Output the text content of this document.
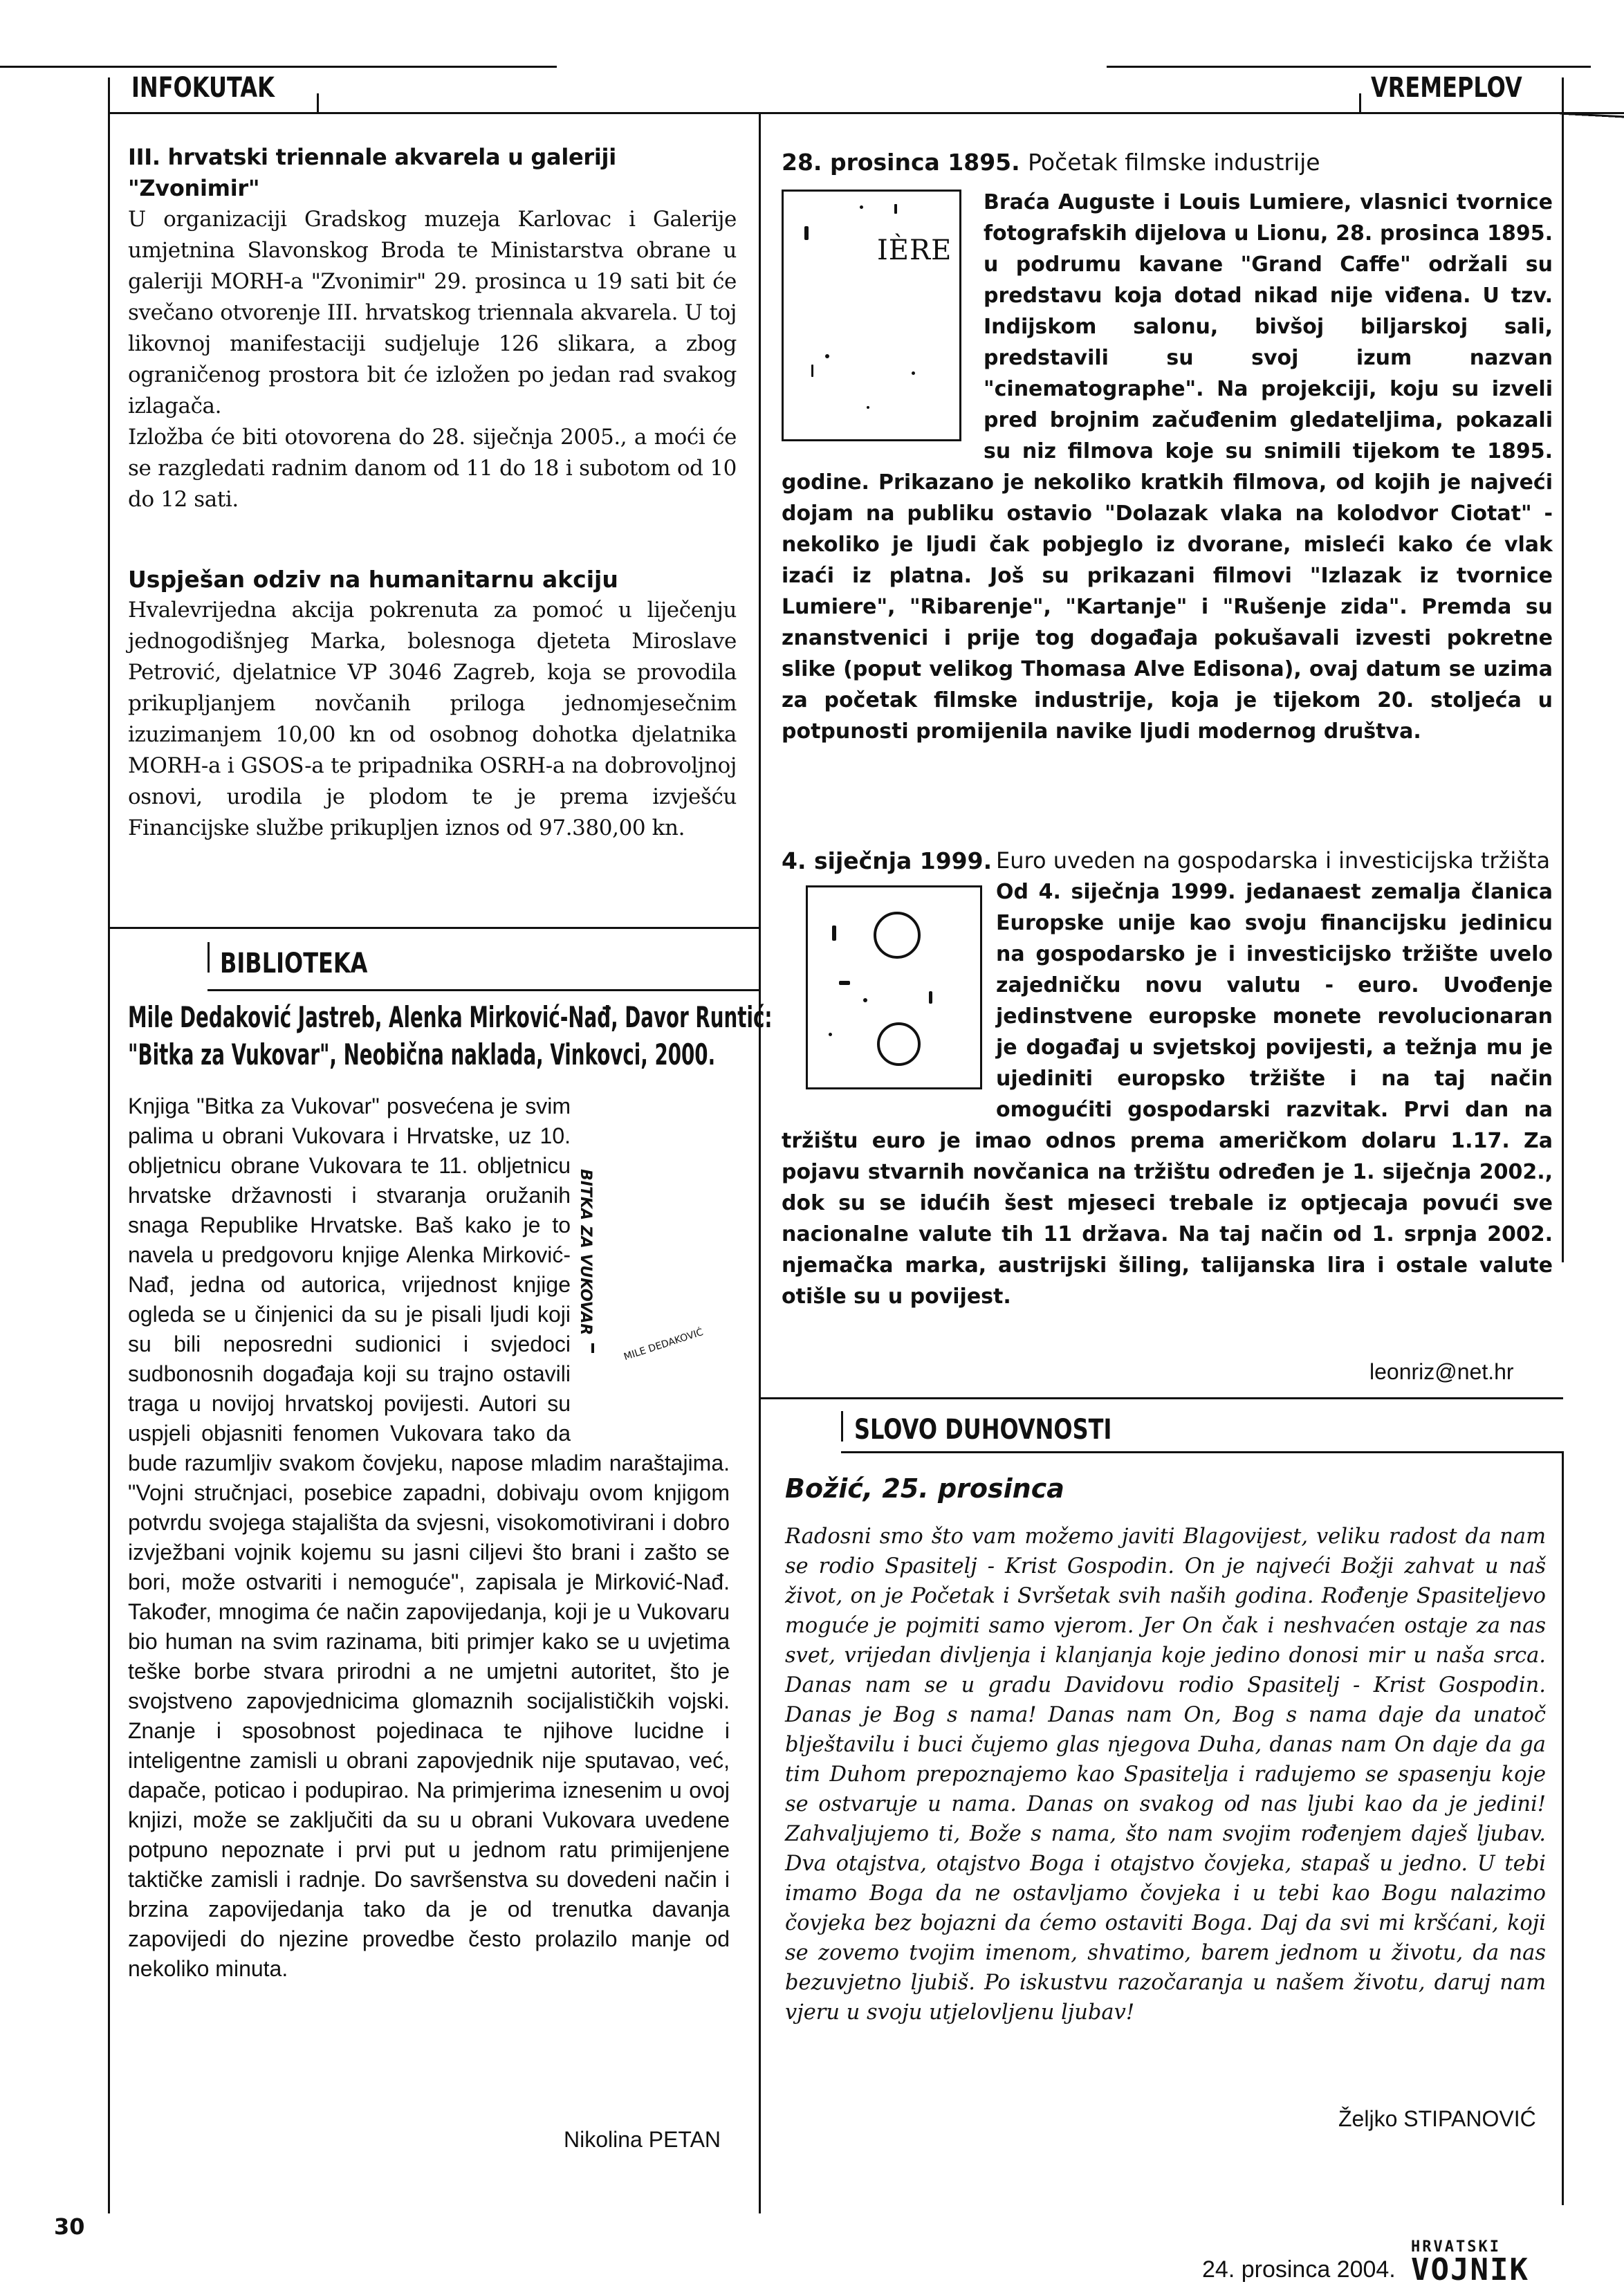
INFOKUTAK	VREMEPLOV

III. hrvatski triennale akvarela u galeriji "Zvonimir"

U organizaciji Gradskog muzeja Karlovac i Galerije umjetnina Slavonskog Broda te Ministarstva obrane u galeriji MORH-a "Zvonimir" 29. prosinca u 19 sati bit će svečano otvorenje III. hrvatskog triennala akvarela. U toj likovnoj manifestaciji sudjeluje 126 slikara, a zbog ograničenog prostora bit će izložen po jedan rad svakog izlagača.

Izložba će biti otovorena do 28. siječnja 2005., a moći će se razgledati radnim danom od 11 do 18 i subotom od 10 do 12 sati.

Uspješan odziv na humanitarnu akciju

Hvalevrijedna akcija pokrenuta za pomoć u liječenju jednogodišnjeg Marka, bolesnoga djeteta Miroslave Petrović, djelatnice VP 3046 Zagreb, koja se provodila prikupljanjem novčanih priloga jednomjesečnim izuzimanjem 10,00 kn od osobnog dohotka djelatnika MORH-a i GSOS-a te pripadnika OSRH-a na dobrovoljnoj osnovi, urodila je plodom te je prema izvješću Financijske službe prikupljen iznos od 97.380,00 kn.

BIBLIOTEKA
Mile Dedaković Jastreb, Alenka Mirković-Nađ, Davor Runtić:
"Bitka za Vukovar", Neobična naklada, Vinkovci, 2000.
BITKA ZA VUKOVAR
MILE DEDAKOVIĆ

Knjiga "Bitka za Vukovar" posvećena je svim palima u obrani Vukovara i Hrvatske, uz 10. obljetnicu obrane Vukovara te 11. obljetnicu hrvatske državnosti i stvaranja oružanih snaga Republike Hrvatske. Baš kako je to navela u predgovoru knjige Alenka Mirković-Nađ, jedna od autorica, vrijednost knjige ogleda se u činjenici da su je pisali ljudi koji su bili neposredni sudionici i svjedoci sudbonosnih događaja koji su trajno ostavili traga u novijoj hrvatskoj povijesti. Autori su uspjeli objasniti fenomen Vukovara tako da bude razumljiv svakom čovjeku, napose mladim naraštajima. "Vojni stručnjaci, posebice zapadni, dobivaju ovom knjigom potvrdu svojega stajališta da svjesni, visokomotivirani i dobro izvježbani vojnik kojemu su jasni ciljevi što brani i zašto se bori, može ostvariti i nemoguće", zapisala je Mirković-Nađ. Također, mnogima će način zapovijedanja, koji je u Vukovaru bio human na svim razinama, biti primjer kako se u uvjetima teške borbe stvara prirodni a ne umjetni autoritet, što je svojstveno zapovjednicima glomaznih socijalističkih vojski. Znanje i sposobnost pojedinaca te njihove lucidne i inteligentne zamisli u obrani zapovjednik nije sputavao, već, dapače, poticao i podupirao. Na primjerima iznesenim u ovoj knjizi, može se zaključiti da su u obrani Vukovara uvedene potpuno nepoznate i prvi put u jednom ratu primijenjene taktičke zamisli i radnje. Do savršenstva su dovedeni način i brzina zapovijedanja tako da je od trenutka davanja zapovijedi do njezine provedbe često prolazilo manje od nekoliko minuta.

Nikolina PETAN
28. prosinca 1895. Početak filmske industrije
IÈRE

Braća Auguste i Louis Lumiere, vlasnici tvornice fotografskih dijelova u Lionu, 28. prosinca 1895. u podrumu kavane "Grand Caffe" održali su predstavu koja dotad nikad nije viđena. U tzv. Indijskom salonu, bivšoj biljarskoj sali, predstavili su svoj izum nazvan "cinematographe". Na projekciji, koju su izveli pred brojnim začuđenim gledateljima, pokazali su niz filmova koje su snimili tijekom te 1895. godine. Prikazano je nekoliko kratkih filmova, od kojih je najveći dojam na publiku ostavio "Dolazak vlaka na kolodvor Ciotat" - nekoliko je ljudi čak pobjeglo iz dvorane, misleći kako će vlak izaći iz platna. Još su prikazani filmovi "Izlazak iz tvornice Lumiere", "Ribarenje", "Kartanje" i "Rušenje zida". Premda su znanstvenici i prije tog događaja pokušavali izvesti pokretne slike (poput velikog Thomasa Alve Edisona), ovaj datum se uzima za početak filmske industrije, koja je tijekom 20. stoljeća u potpunosti promijenila navike ljudi modernog društva.

4. siječnja 1999. Euro uveden na gospodarska i investicijska tržišta

Od 4. siječnja 1999. jedanaest zemalja članica Europske unije kao svoju financijsku jedinicu na gospodarsko je i investicijsko tržište uvelo zajedničku novu valutu - euro. Uvođenje jedinstvene europske monete revolucionaran je događaj u svjetskoj povijesti, a težnja mu je ujediniti europsko tržište i na taj način omogućiti gospodarski razvitak. Prvi dan na tržištu euro je imao odnos prema američkom dolaru 1.17. Za pojavu stvarnih novčanica na tržištu određen je 1. siječnja 2002., dok su se idućih šest mjeseci trebale iz optjecaja povući sve nacionalne valute tih 11 država. Na taj način od 1. srpnja 2002. njemačka marka, austrijski šiling, talijanska lira i ostale valute otišle su u povijest.

leonriz@net.hr
SLOVO DUHOVNOSTI
Božić, 25. prosinca

Radosni smo što vam možemo javiti Blagovijest, veliku radost da nam se rodio Spasitelj - Krist Gospodin. On je najveći Božji zahvat u naš život, on je Početak i Svršetak svih naših godina. Rođenje Spasiteljevo moguće je pojmiti samo vjerom. Jer On čak i neshvaćen ostaje za nas svet, vrijedan divljenja i klanjanja koje jedino donosi mir u naša srca. Danas nam se u gradu Davidovu rodio Spasitelj - Krist Gospodin. Danas je Bog s nama! Danas nam On, Bog s nama daje da unatoč blještavilu i buci čujemo glas njegova Duha, danas nam On daje da ga tim Duhom prepoznajemo kao Spasitelja i radujemo se spasenju koje se ostvaruje u nama. Danas on svakog od nas ljubi kao da je jedini! Zahvaljujemo ti, Bože s nama, što nam svojim rođenjem daješ ljubav. Dva otajstva, otajstvo Boga i otajstvo čovjeka, stapaš u jedno. U tebi imamo Boga da ne ostavljamo čovjeka i u tebi kao Bogu nalazimo čovjeka bez bojazni da ćemo ostaviti Boga. Daj da svi mi kršćani, koji se zovemo tvojim imenom, shvatimo, barem jednom u životu, da nas bezuvjetno ljubiš. Po iskustvu razočaranja u našem životu, daruj nam vjeru u svoju utjelovljenu ljubav!

Željko STIPANOVIĆ
30
24. prosinca 2004.
HRVATSKI
VOJNIK
